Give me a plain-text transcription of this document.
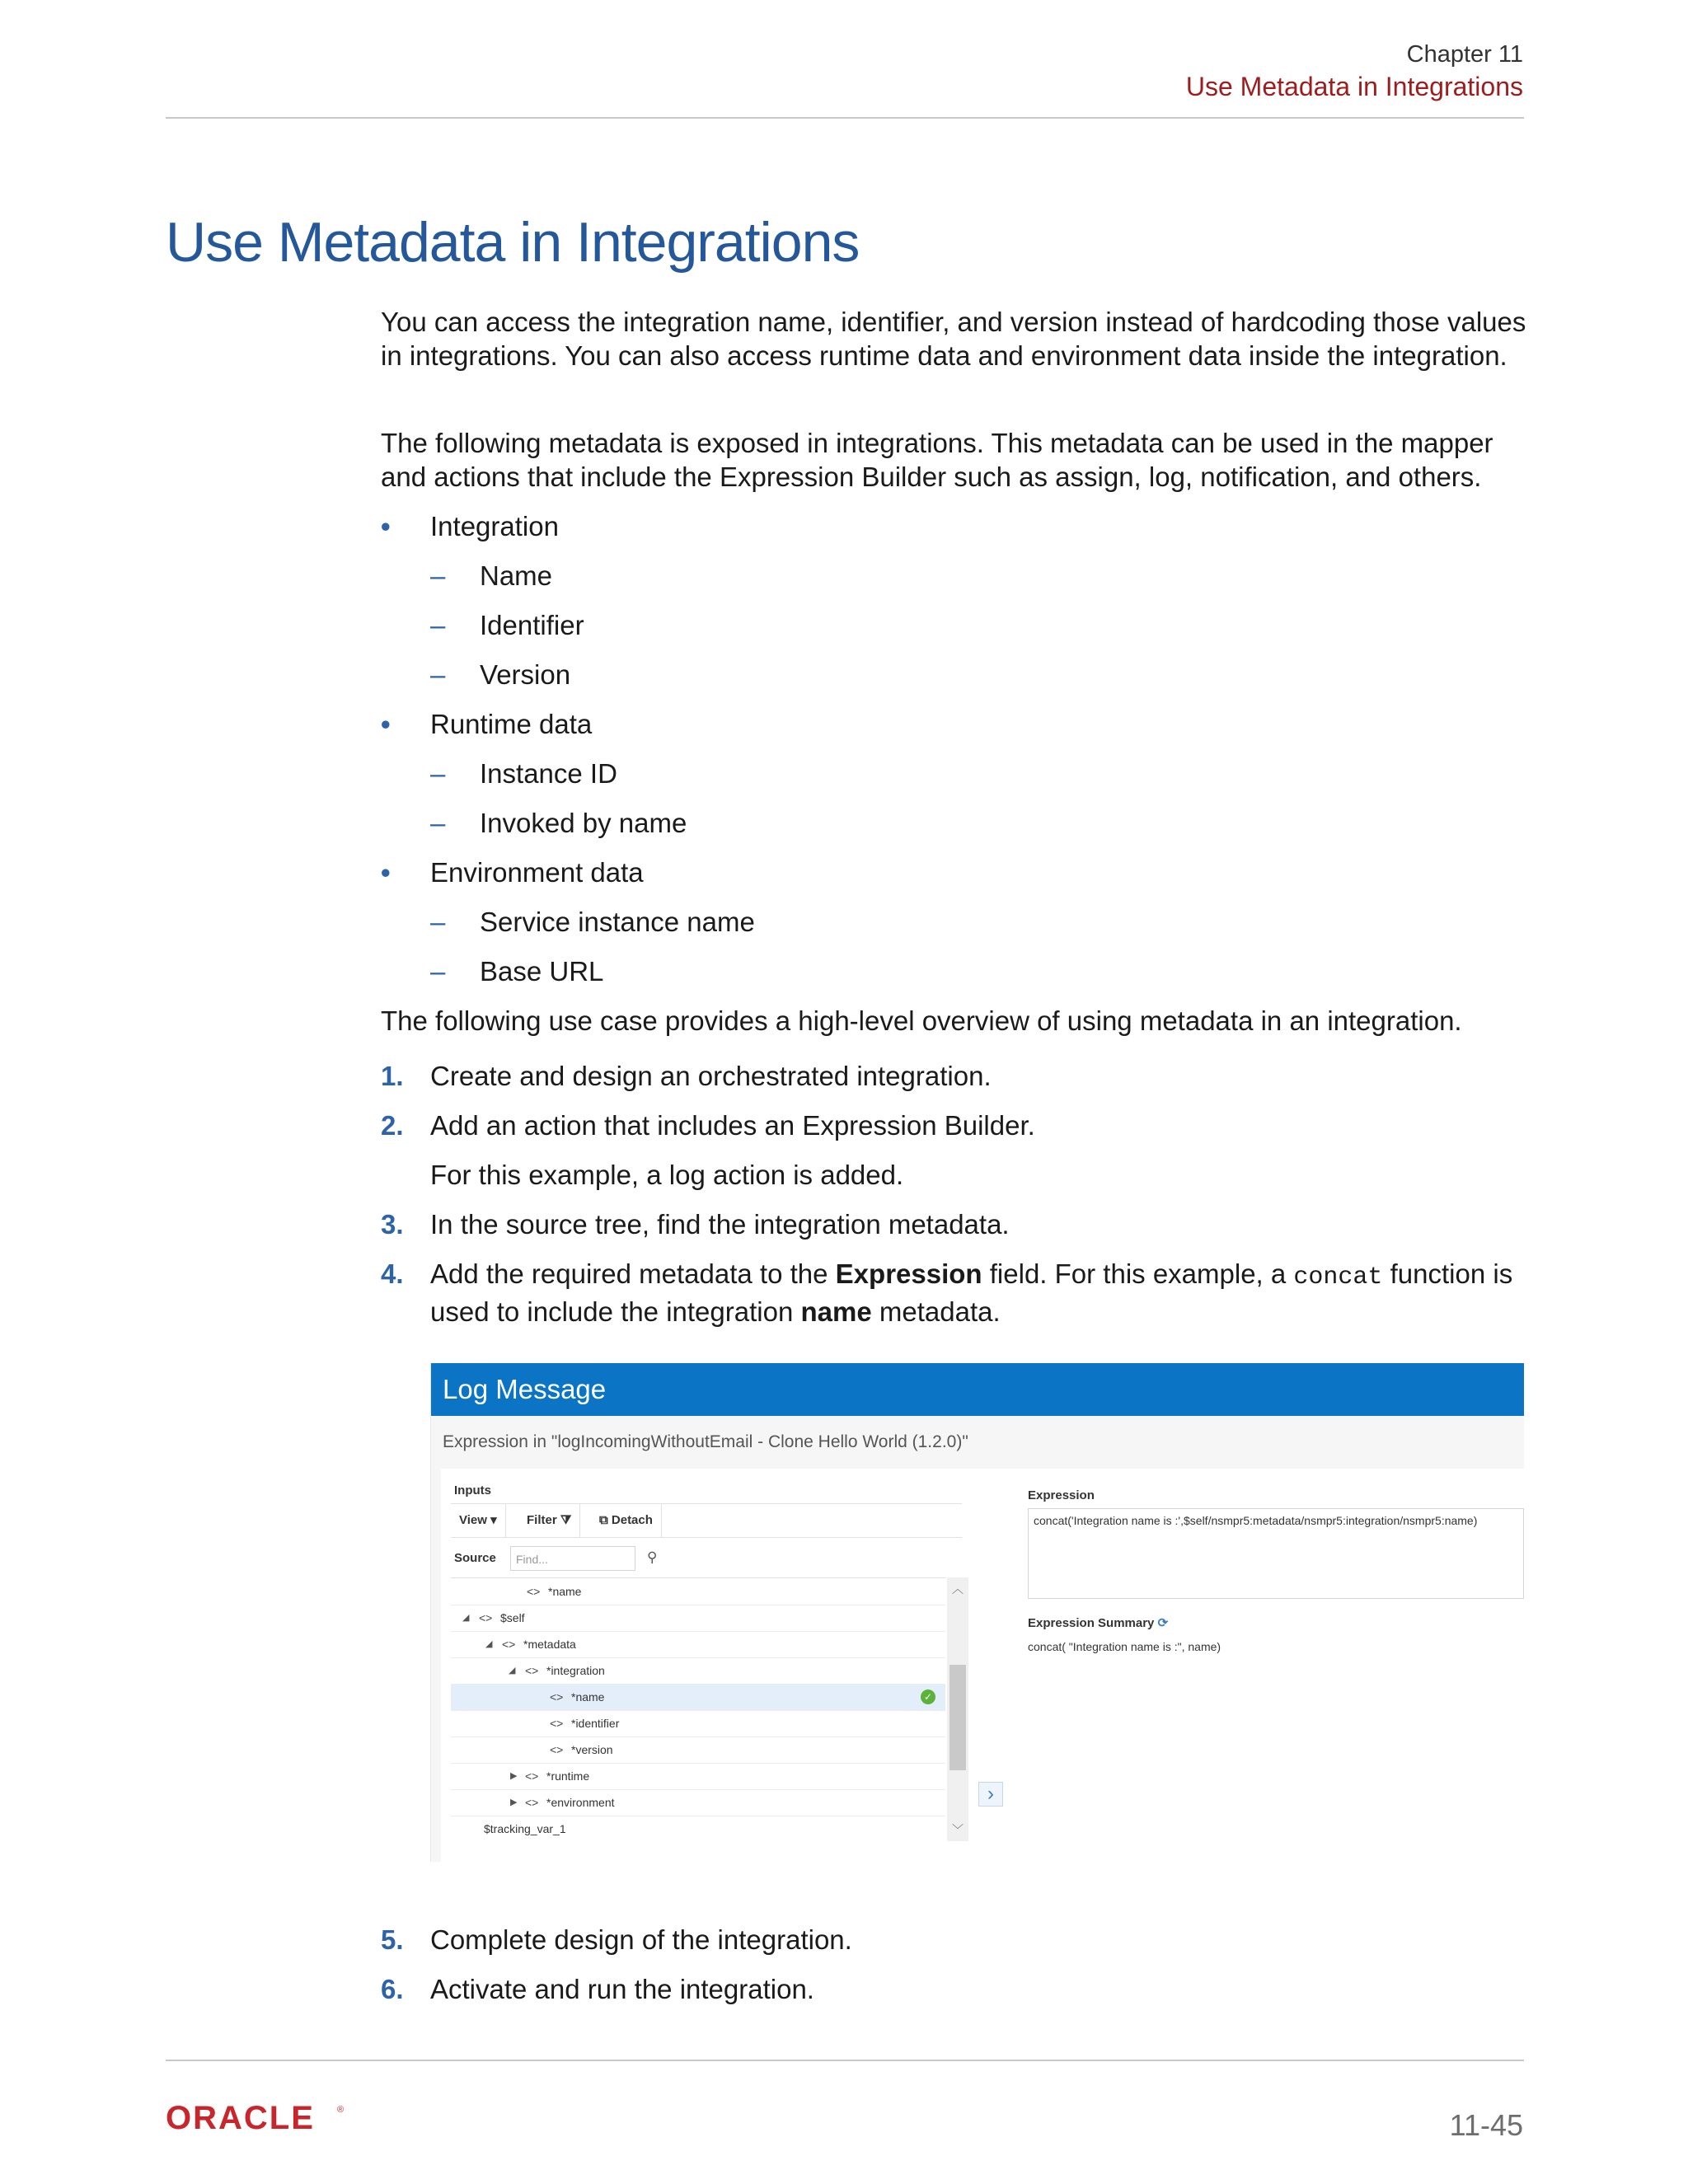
Chapter 11
Use Metadata in Integrations
Use Metadata in Integrations

You can access the integration name, identifier, and version instead of hardcoding those values in integrations. You can also access runtime data and environment data inside the integration.

The following metadata is exposed in integrations. This metadata can be used in the mapper and actions that include the Expression Builder such as assign, log, notification, and others.

• Integration
– Name
– Identifier
– Version
• Runtime data
– Instance ID
– Invoked by name
• Environment data
– Service instance name
– Base URL

The following use case provides a high-level overview of using metadata in an integration.

1. Create and design an orchestrated integration.
2. Add an action that includes an Expression Builder.
For this example, a log action is added.
3. In the source tree, find the integration metadata.
4. Add the required metadata to the Expression field. For this example, a concat function is used to include the integration name metadata.
Log Message
Expression in "logIncomingWithoutEmail - Clone Hello World (1.2.0)"
Inputs
View ▾	Filter ⧩	⧉ Detach
Source	Find...	⚲
<> *name
◢ <> $self
◢ <> *metadata
◢ <> *integration
<> *name	✓
<> *identifier
<> *version
▶ <> *runtime
▶ <> *environment
$tracking_var_1
︿
﹀
›
Expression
concat('Integration name is :',$self/nsmpr5:metadata/nsmpr5:integration/nsmpr5:name)
Expression Summary ⟳
concat( "Integration name is :", name)
5. Complete design of the integration.
6. Activate and run the integration.
ORACLE ®	11-45
